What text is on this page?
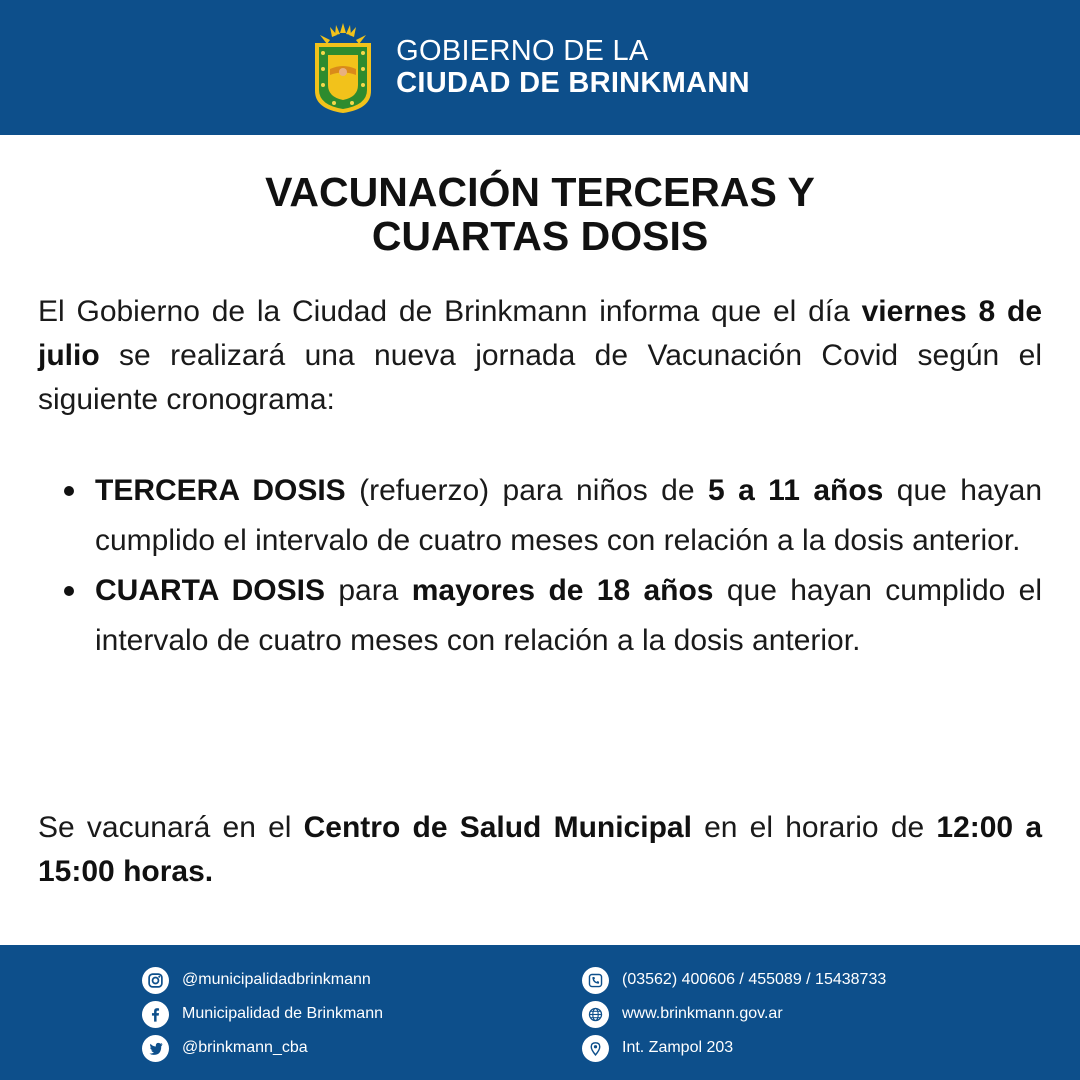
GOBIERNO DE LA
CIUDAD DE BRINKMANN
VACUNACIÓN TERCERAS Y
CUARTAS DOSIS

El Gobierno de la Ciudad de Brinkmann informa que el día viernes 8 de julio se realizará una nueva jornada de Vacunación Covid según el siguiente cronograma:

TERCERA DOSIS (refuerzo) para niños de 5 a 11 años que hayan cumplido el intervalo de cuatro meses con relación a la dosis anterior.
CUARTA DOSIS para mayores de 18 años que hayan cumplido el intervalo de cuatro meses con relación a la dosis anterior.

Se vacunará en el Centro de Salud Municipal en el horario de 12:00 a 15:00 horas.

@municipalidadbrinkmann
Municipalidad de Brinkmann
@brinkmann_cba
(03562) 400606 / 455089 / 15438733
www.brinkmann.gov.ar
Int. Zampol 203
